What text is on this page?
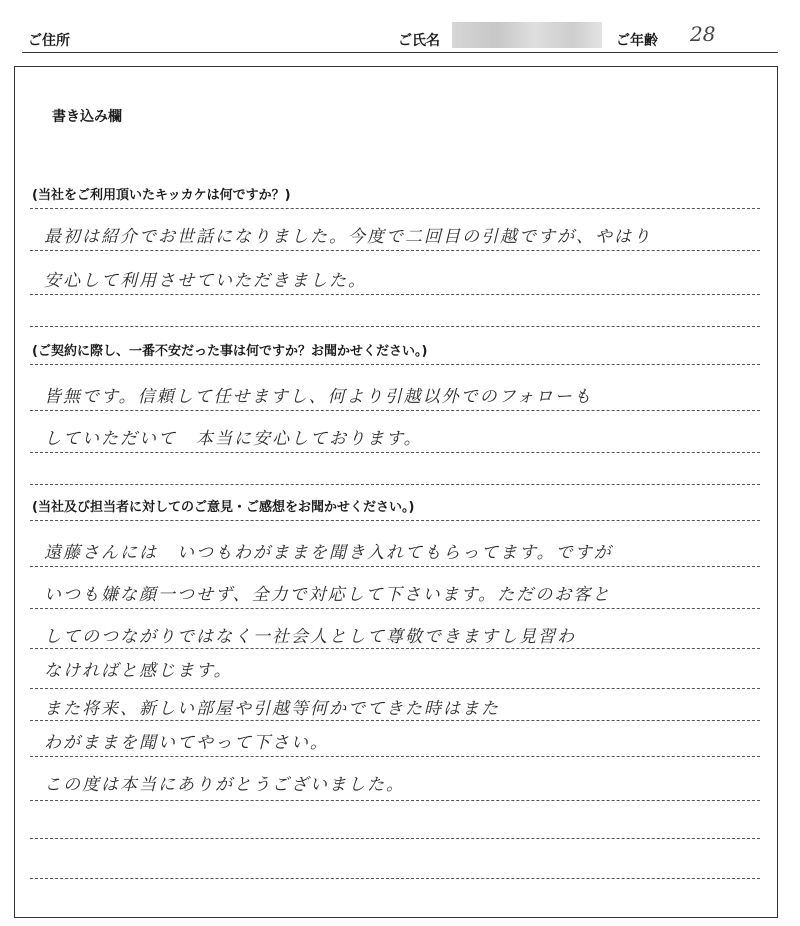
ご住所	ご氏名	ご年齢 28
書き込み欄
(当社をご利用頂いたキッカケは何ですか？)
最初は紹介でお世話になりました。今度で二回目の引越ですが、やはり
安心して利用させていただきました。
(ご契約に際し、一番不安だった事は何ですか？お聞かせください。)
皆無です。信頼して任せますし、何より引越以外でのフォローも
していただいて　本当に安心しております。
(当社及び担当者に対してのご意見・ご感想をお聞かせください。)
遠藤さんには　いつもわがままを聞き入れてもらってます。ですが
いつも嫌な顔一つせず、全力で対応して下さいます。ただのお客と
してのつながりではなく一社会人として尊敬できますし見習わ
なければと感じます。
また将来、新しい部屋や引越等何かでてきた時はまた
わがままを聞いてやって下さい。
この度は本当にありがとうございました。
